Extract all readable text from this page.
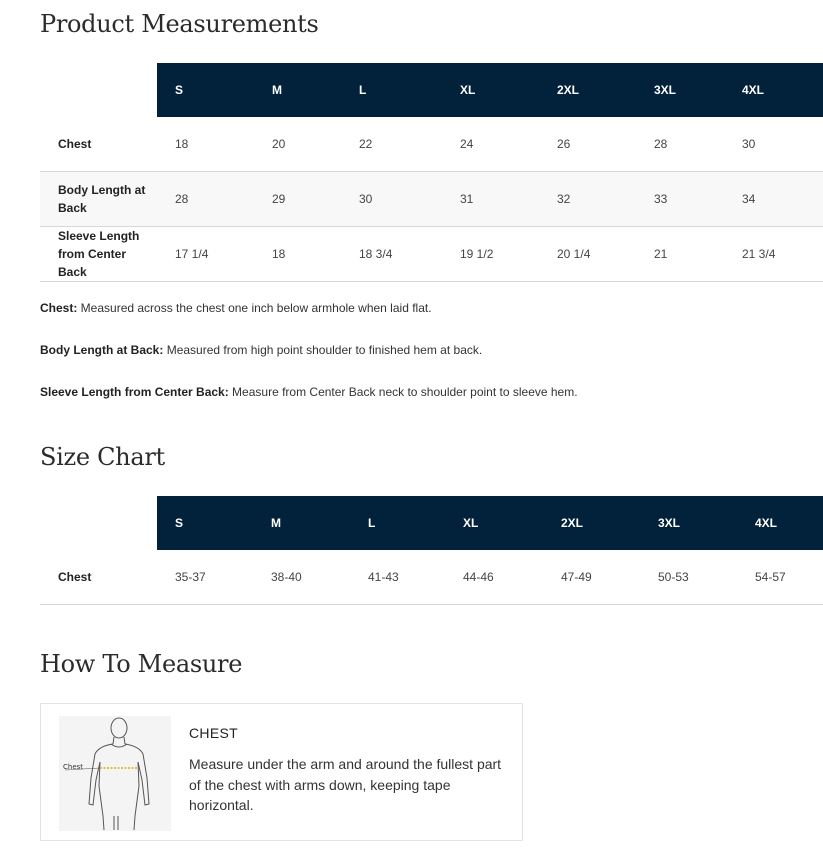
Product Measurements
	S	M	L	XL	2XL	3XL	4XL
Chest	18	20	22	24	26	28	30
Body Length at Back	28	29	30	31	32	33	34
Sleeve Length from Center Back	17 1/4	18	18 3/4	19 1/2	20 1/4	21	21 3/4

Chest: Measured across the chest one inch below armhole when laid flat.

Body Length at Back: Measured from high point shoulder to finished hem at back.

Sleeve Length from Center Back: Measure from Center Back neck to shoulder point to sleeve hem.

Size Chart
	S	M	L	XL	2XL	3XL	4XL
Chest	35-37	38-40	41-43	44-46	47-49	50-53	54-57
How To Measure
Chest
CHEST
Measure under the arm and around the fullest part of the chest with arms down, keeping tape horizontal.
